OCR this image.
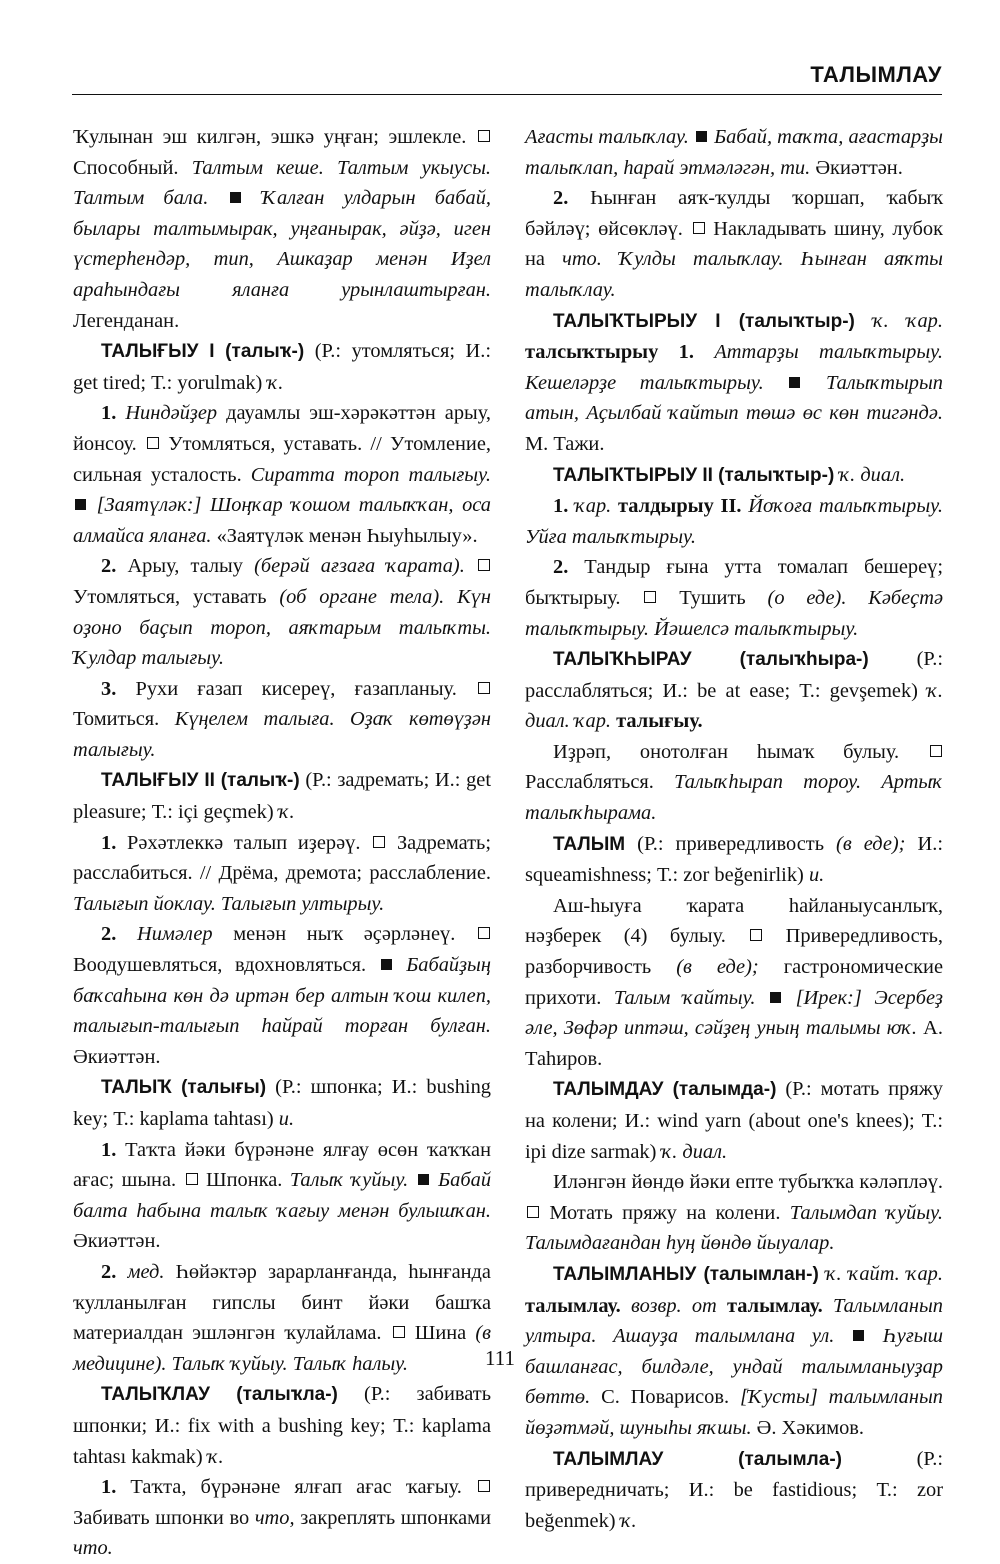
ТАЛЫМЛАУ

Ҡулынан эш килгән, эшкә уңған; эшлекле.  Способный. Талтым кеше. Талтым укыусы. Талтым бала.	Ҡалған улдарын бабай, былары талтымырак, уңғанырак, әйҙә, иген үстерһендәр, тип, Ашкаҙар менән Иҙел араһындағы яланға урынлаштырған. Легенданан.

ТАЛЫҒЫУ I (талыҡ-) (Р.: утомляться; И.: get tired; Т.: yorulmak) ҡ.

1. Ниндәйҙер дауамлы эш-хәрәкәттән арыу, йонсоу.  Утомляться, уставать. // Утомление, сильная усталость. Сиратта тороп талығыу.  [Заятүләк:] Шоңҡар ҡошом талыҡҡан, оса алмайса яланға. «Заятүләк менән Һыуһылыу».

2. Арыу, талыу (берәй ағзаға ҡарата).  Утомляться, уставать (об органе тела). Күн оҙоно баҫып тороп, аяҡтарым талыҡты. Ҡулдар талығыу.

3. Рухи ғазап кисереү, ғазапланыу.  Томиться. Күңелем талыға. Оҙаҡ көтөүҙән талығыу.

ТАЛЫҒЫУ II (талыҡ-) (Р.: задремать; И.: get pleasure; Т.: içi geçmek) ҡ.

1. Рәхәтлеккә талып иҙерәү.  Задремать; расслабиться. // Дрёма, дремота; расслабление. Талығып йоклау. Талығып ултырыу.

2. Нимәлер менән ныҡ әҫәрләнеү.  Воодушевляться, вдохновляться.  Бабайҙың баҡсаһына көн дә иртән бер алтын ҡош килеп, талығып-талығып һайрай торған булған. Әкиәттән.

ТАЛЫҠ (талығы) (Р.: шпонка; И.: bushing key; Т.: kaplama tahtası) и.

1. Таҡта йәки бүрәнәне ялғау өсөн ҡаҡҡан ағас; шына.  Шпонка. Талыҡ ҡуйыу. Бабай балта һабына талыҡ ҡағыу менән булышҡан. Әкиәттән.

2. мед. Һөйәктәр зарарланғанда, һынғанда ҡулланылған гипслы бинт йәки башҡа материалдан эшләнгән ҡулайлама.  Шина (в медицине). Талыҡ ҡуйыу. Талыҡ һалыу.

ТАЛЫҠЛАУ (талыҡла-) (Р.: забивать шпонки; И.: fix with a bushing key; Т.: kaplama tahtası kakmak) ҡ.

1. Таҡта, бүрәнәне ялғап ағас ҡағыу.  Забивать шпонки во что, закреплять шпонками что.

Ағасты талыҡлау. Бабай, таҡта, ағастарҙы талыҡлап, һарай этмәләгән, ти. Әкиәттән.

2. Һынған аяҡ-ҡулды ҡоршап, ҡабыҡ бәйләү; өйсөкләү.  Накладывать шину, лубок на что. Ҡулды талыҡлау. Һынған аяҡты талыҡлау.

ТАЛЫҠТЫРЫУ I (талыҡтыр-) ҡ. ҡар. талсыҡтырыу 1. Аттарҙы талыҡтырыу. Кешеләрҙе талыҡтырыу.	Талыҡтырып атын, Аҫылбай ҡайтып төшә өс көн тигәндә. М. Тажи.

ТАЛЫҠТЫРЫУ II (талыҡтыр-) ҡ. диал.

1. ҡар. талдырыу II. Йоҡоға талыҡтырыу. Уйға талыҡтырыу.

2. Тандыр ғына утта томалап бешереү; быҡтырыу.  Тушить (о еде). Кәбеҫтә талыҡтырыу. Йәшелсә талыҡтырыу.

ТАЛЫҠҺЫРАУ (талыҡһыра-) (Р.: расслабляться; И.: be at ease; Т.: gevşemek) ҡ. диал. ҡар. талығыу.

Иҙрәп, онотолған һымаҡ булыу.  Расслабляться. Талыҡһырап тороу. Артыҡ талыҡһырама.

ТАЛЫМ (Р.: привередливость (в еде); И.: squeamishness; Т.: zor beğenirlik) и.

Аш-һыуға ҡарата һайланыусанлыҡ, нәҙберек (4) булыу.  Привередливость, разборчивость (в еде); гастрономические прихоти. Талым ҡайтыу. [Ирек:] Эсербеҙ әле, Зөфәр иптәш, сәйҙең уның талымы юҡ. А. Таһиров.

ТАЛЫМДАУ (талымда-) (Р.: мотать пряжу на колени; И.: wind yarn (about one's knees); Т.: ipi dize sarmak) ҡ. диал.

Иләнгән йөндө йәки епте тубыҡҡа кәләпләү.  Мотать пряжу на колени. Талымдап ҡуйыу. Талымдағандан һуң йөндө йыуалар.

ТАЛЫМЛАНЫУ (талымлан-) ҡ. ҡайт. ҡар. талымлау. возвр. от талымлау. Талымланып ултыра. Ашауҙа талымлана ул. Һуғыш башланғас, билдәле, ундай талымланыуҙар бөттө. С. Поварисов. [Ҡусты] талымланып йөҙәтмәй, шуныһы яҡшы. Ә. Хәкимов.

ТАЛЫМЛАУ (талымла-) (Р.: привередничать; И.: be fastidious; Т.: zor beğenmek) ҡ.

111
